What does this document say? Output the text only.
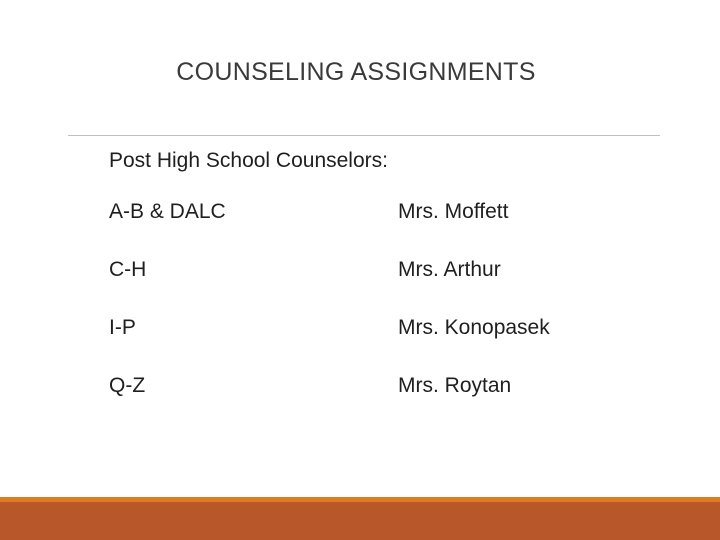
COUNSELING ASSIGNMENTS
Post High School Counselors:
A-B & DALC	Mrs. Moffett
C-H	Mrs. Arthur
I-P	Mrs. Konopasek
Q-Z	Mrs. Roytan
